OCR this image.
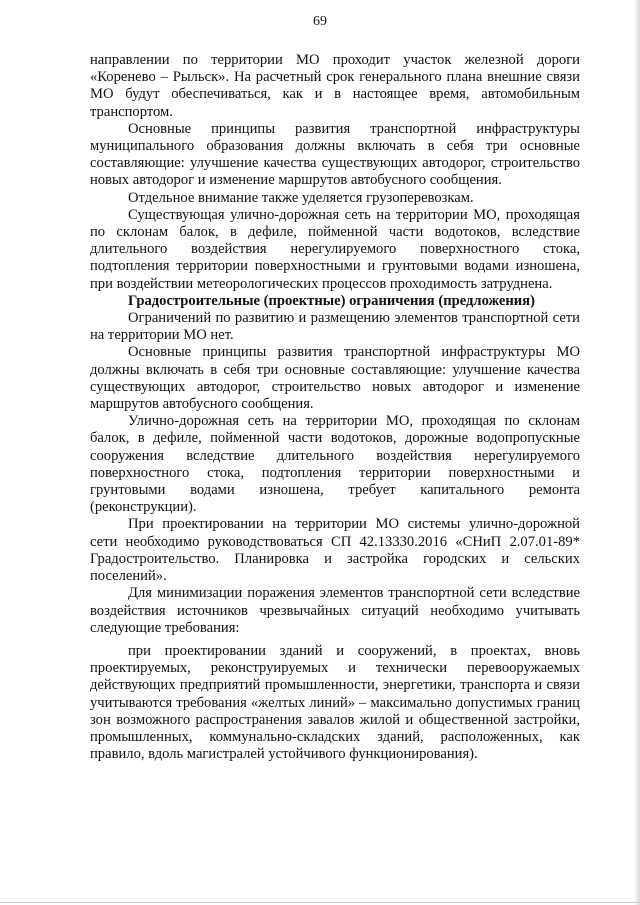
69

направлении по территории МО проходит участок железной дороги «Коренево – Рыльск». На расчетный срок генерального плана внешние связи МО будут обеспечиваться, как и в настоящее время, автомобильным транспортом.

Основные принципы развития транспортной инфраструктуры муниципального образования должны включать в себя три основные составляющие: улучшение качества существующих автодорог, строительство новых автодорог и изменение маршрутов автобусного сообщения.

Отдельное внимание также уделяется грузоперевозкам.

Существующая улично-дорожная сеть на территории МО, проходящая по склонам балок, в дефиле, пойменной части водотоков, вследствие длительного воздействия нерегулируемого поверхностного стока, подтопления территории поверхностными и грунтовыми водами изношена, при воздействии метеорологических процессов проходимость затруднена.

Градостроительные (проектные) ограничения (предложения)

Ограничений по развитию и размещению элементов транспортной сети на территории МО нет.

Основные принципы развития транспортной инфраструктуры МО должны включать в себя три основные составляющие: улучшение качества существующих автодорог, строительство новых автодорог и изменение маршрутов автобусного сообщения.

Улично-дорожная сеть на территории МО, проходящая по склонам балок, в дефиле, пойменной части водотоков, дорожные водопропускные сооружения вследствие длительного воздействия нерегулируемого поверхностного стока, подтопления территории поверхностными и грунтовыми водами изношена, требует капитального ремонта (реконструкции).

При проектировании на территории МО системы улично-дорожной сети необходимо руководствоваться СП 42.13330.2016 «СНиП 2.07.01-89* Градостроительство. Планировка и застройка городских и сельских поселений».

Для минимизации поражения элементов транспортной сети вследствие воздействия источников чрезвычайных ситуаций необходимо учитывать следующие требования:

при проектировании зданий и сооружений, в проектах, вновь проектируемых, реконструируемых и технически перевооружаемых действующих предприятий промышленности, энергетики, транспорта и связи учитываются требования «желтых линий» – максимально допустимых границ зон возможного распространения завалов жилой и общественной застройки, промышленных, коммунально-складских зданий, расположенных, как правило, вдоль магистралей устойчивого функционирования).
